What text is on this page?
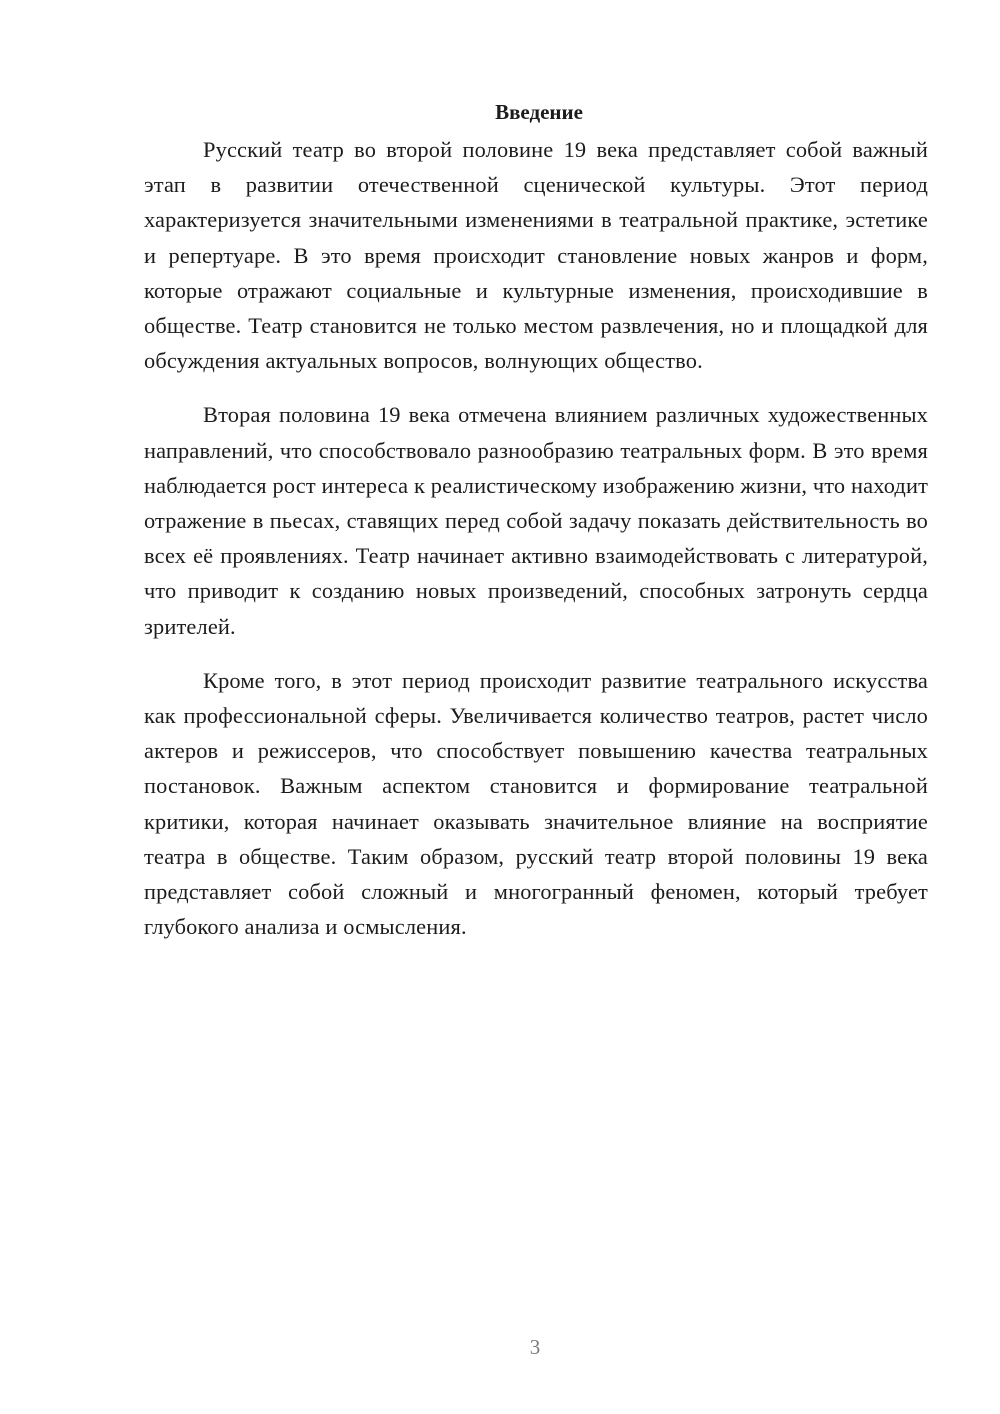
Введение

Русский театр во второй половине 19 века представляет собой важный этап в развитии отечественной сценической культуры. Этот период характеризуется значительными изменениями в театральной практике, эстетике и репертуаре. В это время происходит становление новых жанров и форм, которые отражают социальные и культурные изменения, происходившие в обществе. Театр становится не только местом развлечения, но и площадкой для обсуждения актуальных вопросов, волнующих общество.

Вторая половина 19 века отмечена влиянием различных художественных направлений, что способствовало разнообразию театральных форм. В это время наблюдается рост интереса к реалистическому изображению жизни, что находит отражение в пьесах, ставящих перед собой задачу показать действительность во всех её проявлениях. Театр начинает активно взаимодействовать с литературой, что приводит к созданию новых произведений, способных затронуть сердца зрителей.

Кроме того, в этот период происходит развитие театрального искусства как профессиональной сферы. Увеличивается количество театров, растет число актеров и режиссеров, что способствует повышению качества театральных постановок. Важным аспектом становится и формирование театральной критики, которая начинает оказывать значительное влияние на восприятие театра в обществе. Таким образом, русский театр второй половины 19 века представляет собой сложный и многогранный феномен, который требует глубокого анализа и осмысления.

3
